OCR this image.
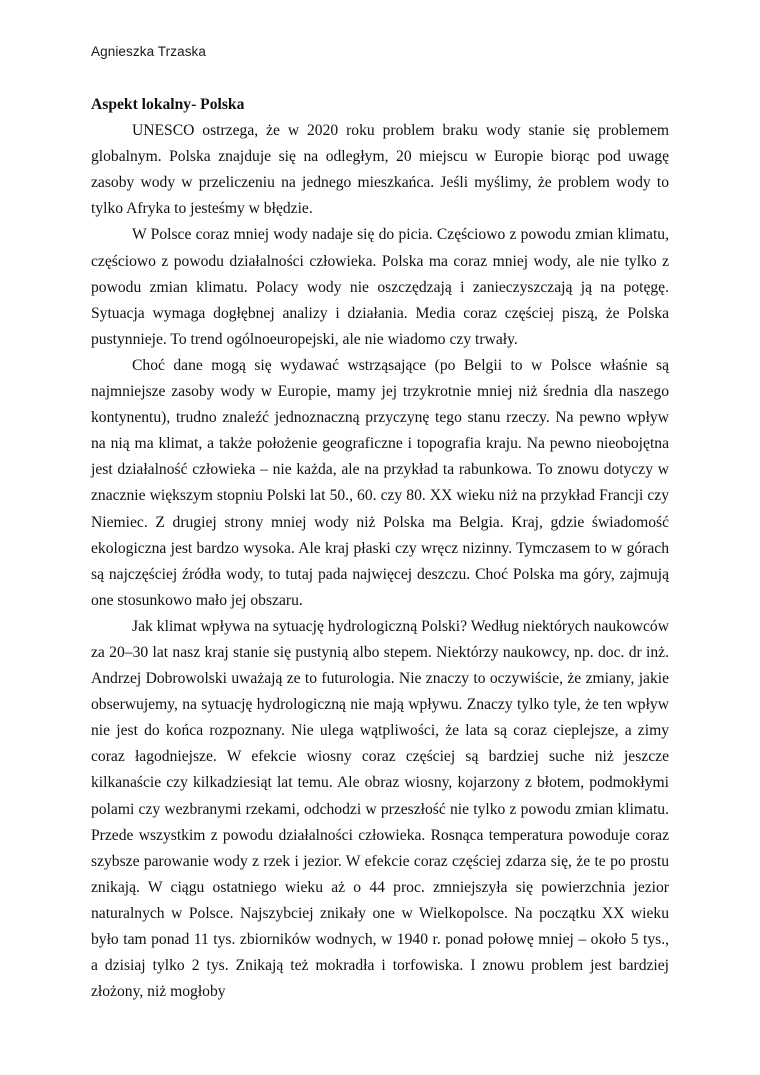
Agnieszka Trzaska

Aspekt lokalny- Polska

UNESCO ostrzega, że w 2020 roku problem braku wody stanie się problemem globalnym. Polska znajduje się na odległym, 20 miejscu w Europie biorąc pod uwagę zasoby wody w przeliczeniu na jednego mieszkańca. Jeśli myślimy, że problem wody to tylko Afryka to jesteśmy w błędzie.

W Polsce coraz mniej wody nadaje się do picia. Częściowo z powodu zmian klimatu, częściowo z powodu działalności człowieka. Polska ma coraz mniej wody, ale nie tylko z powodu zmian klimatu. Polacy wody nie oszczędzają i zanieczyszczają ją na potęgę. Sytuacja wymaga dogłębnej analizy i działania. Media coraz częściej piszą, że Polska pustynnieje. To trend ogólnoeuropejski, ale nie wiadomo czy trwały.

Choć dane mogą się wydawać wstrząsające (po Belgii to w Polsce właśnie są najmniejsze zasoby wody w Europie, mamy jej trzykrotnie mniej niż średnia dla naszego kontynentu), trudno znaleźć jednoznaczną przyczynę tego stanu rzeczy. Na pewno wpływ na nią ma klimat, a także położenie geograficzne i topografia kraju. Na pewno nieobojętna jest działalność człowieka – nie każda, ale na przykład ta rabunkowa. To znowu dotyczy w znacznie większym stopniu Polski lat 50., 60. czy 80. XX wieku niż na przykład Francji czy Niemiec. Z drugiej strony mniej wody niż Polska ma Belgia. Kraj, gdzie świadomość ekologiczna jest bardzo wysoka. Ale kraj płaski czy wręcz nizinny. Tymczasem to w górach są najczęściej źródła wody, to tutaj pada najwięcej deszczu. Choć Polska ma góry, zajmują one stosunkowo mało jej obszaru.

Jak klimat wpływa na sytuację hydrologiczną Polski? Według niektórych naukowców za 20–30 lat nasz kraj stanie się pustynią albo stepem. Niektórzy naukowcy, np. doc. dr inż. Andrzej Dobrowolski uważają ze to futurologia. Nie znaczy to oczywiście, że zmiany, jakie obserwujemy, na sytuację hydrologiczną nie mają wpływu. Znaczy tylko tyle, że ten wpływ nie jest do końca rozpoznany. Nie ulega wątpliwości, że lata są coraz cieplejsze, a zimy coraz łagodniejsze. W efekcie wiosny coraz częściej są bardziej suche niż jeszcze kilkanaście czy kilkadziesiąt lat temu. Ale obraz wiosny, kojarzony z błotem, podmokłymi polami czy wezbranymi rzekami, odchodzi w przeszłość nie tylko z powodu zmian klimatu. Przede wszystkim z powodu działalności człowieka. Rosnąca temperatura powoduje coraz szybsze parowanie wody z rzek i jezior. W efekcie coraz częściej zdarza się, że te po prostu znikają. W ciągu ostatniego wieku aż o 44 proc. zmniejszyła się powierzchnia jezior naturalnych w Polsce. Najszybciej znikały one w Wielkopolsce. Na początku XX wieku było tam ponad 11 tys. zbiorników wodnych, w 1940 r. ponad połowę mniej – około 5 tys., a dzisiaj tylko 2 tys. Znikają też mokradła i torfowiska. I znowu problem jest bardziej złożony, niż mogłoby
